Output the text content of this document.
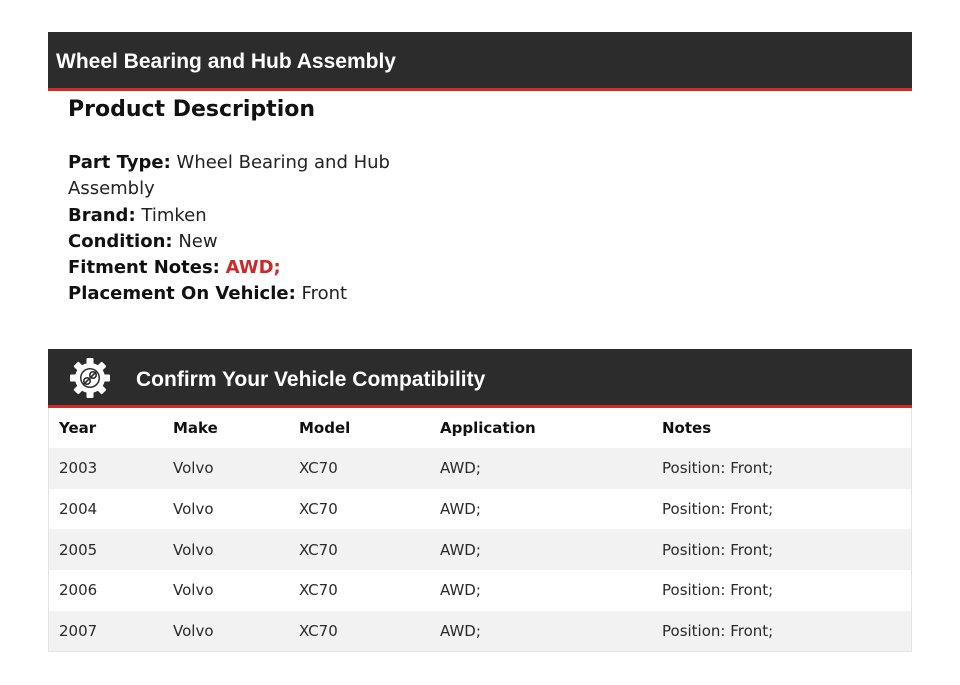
Wheel Bearing and Hub Assembly
Product Description
Part Type: Wheel Bearing and Hub Assembly
Brand: Timken
Condition: New
Fitment Notes: AWD;
Placement On Vehicle: Front
Confirm Your Vehicle Compatibility
Year	Make	Model	Application	Notes
2003	Volvo	XC70	AWD;	Position: Front;
2004	Volvo	XC70	AWD;	Position: Front;
2005	Volvo	XC70	AWD;	Position: Front;
2006	Volvo	XC70	AWD;	Position: Front;
2007	Volvo	XC70	AWD;	Position: Front;
